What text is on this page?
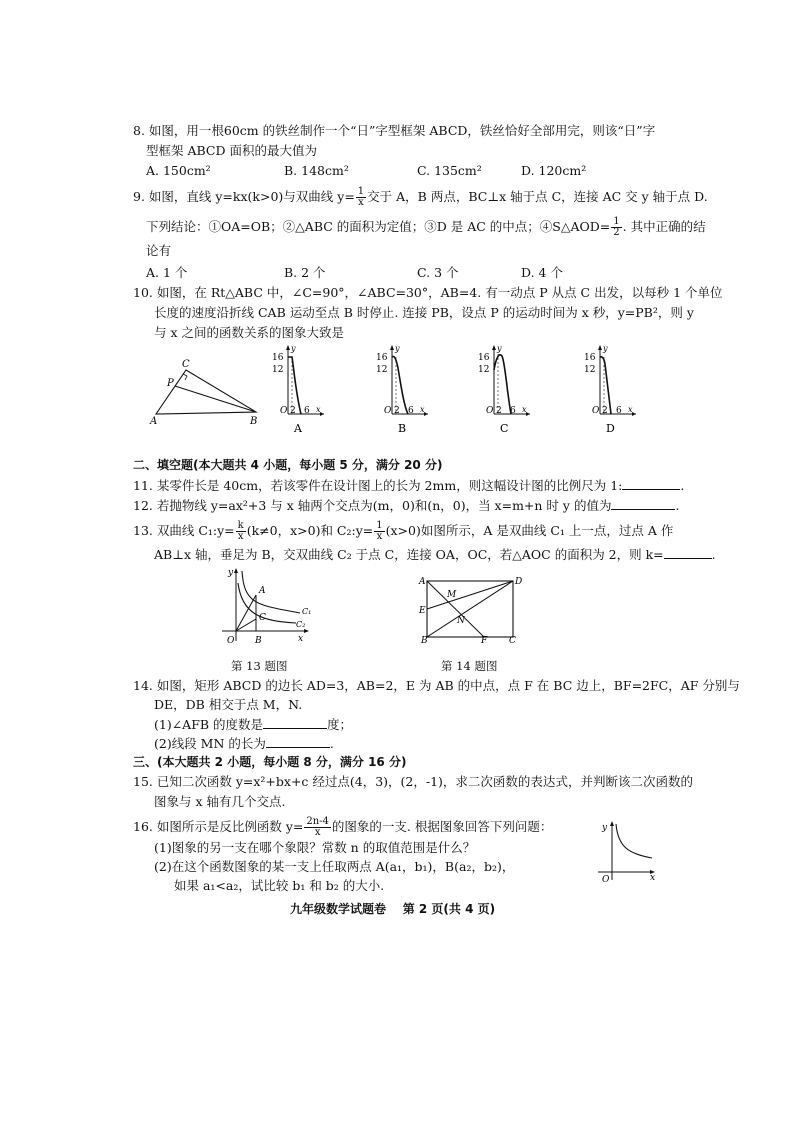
8. 如图，用一根60cm 的铁丝制作一个“日”字型框架 ABCD，铁丝恰好全部用完，则该“日”字
型框架 ABCD 面积的最大值为
A. 150cm²	B. 148cm²	C. 135cm²	D. 120cm²
9. 如图，直线 y=kx(k>0)与双曲线 $y= \frac{1}{x}$ 交于 A，B 两点，BC⊥x 轴于点 C，连接 AC 交 y 轴于点 D.
下列结论：①OA=OB；②△ABC 的面积为定值；③D 是 AC 的中点；④S△AOD= $\frac{1}{2}$ . 其中正确的结
论有
A. 1 个	B. 2 个	C. 3 个	D. 4 个
10. 如图，在 Rt△ABC 中，∠C=90°，∠ABC=30°，AB=4. 有一动点 P 从点 C 出发，以每秒 1 个单位
长度的速度沿折线 CAB 运动至点 B 时停止. 连接 PB，设点 P 的运动时间为 x 秒，y=PB²，则 y
与 x 之间的函数关系的图象大致是
A	B
C
P
16
12
O 2 6 x
y
A
16
12
O 2 6 x
y
B
16
12
O 2 6 x
y
C
16
12
O 2 6 x
y
D
二、填空题(本大题共 4 小题，每小题 5 分，满分 20 分)
11. 某零件长是 40cm，若该零件在设计图上的长为 2mm，则这幅设计图的比例尺为 1:	.
12. 若抛物线 y=ax²+3 与 x 轴两个交点为(m，0)和(n，0)，当 x=m+n 时 y 的值为	.
13. 双曲线 C₁:y= $\frac{k}{x} (k\ne 0$，x>0)和 C₂:y= $\frac{1}{x} (x>0)$如图所示，A 是双曲线 C₁ 上一点，过点 A 作
AB⊥x 轴，垂足为 B，交双曲线 C₂ 于点 C，连接 OA，OC，若△AOC 的面积为 2，则 k=	.
y
x
O
A
B
C
C₁
C₂
第 13 题图
A
B	C
D
E
F
M
N
第 14 题图
14. 如图，矩形 ABCD 的边长 AD=3，AB=2，E 为 AB 的中点，点 F 在 BC 边上，BF=2FC，AF 分别与
DE，DB 相交于点 M，N.
(1)∠AFB 的度数是	度；
(2)线段 MN 的长为	.
三、(本大题共 2 小题，每小题 8 分，满分 16 分)
15. 已知二次函数 y=x²+bx+c 经过点(4，3)，(2，-1)，求二次函数的表达式，并判断该二次函数的
图象与 x 轴有几个交点.
16. 如图所示是反比例函数 $y= \frac{2n-4}{x}$ 的图象的一支. 根据图象回答下列问题：
(1)图象的另一支在哪个象限？常数 n 的取值范围是什么？
(2)在这个函数图象的某一支上任取两点 A(a₁，b₁)，B(a₂，b₂)，
如果 a₁<a₂，试比较 b₁ 和 b₂ 的大小.
y
x
O
九年级数学试题卷    第 2 页(共 4 页)
